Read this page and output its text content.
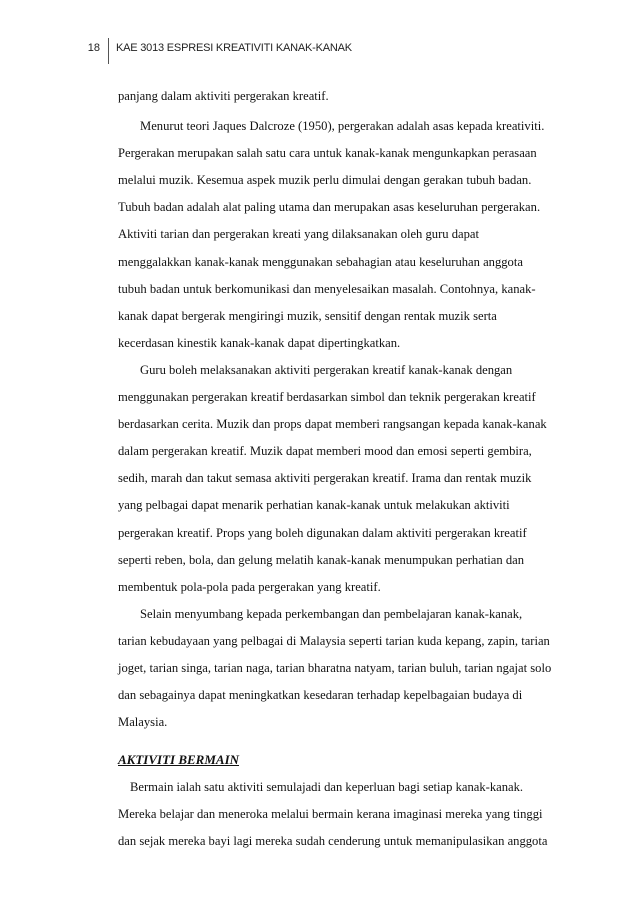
18 KAE 3013 ESPRESI KREATIVITI KANAK-KANAK

panjang dalam aktiviti pergerakan kreatif.

Menurut teori Jaques Dalcroze (1950), pergerakan adalah asas kepada kreativiti.
Pergerakan merupakan salah satu cara untuk kanak-kanak mengunkapkan perasaan
melalui muzik. Kesemua aspek muzik perlu dimulai dengan gerakan tubuh badan.
Tubuh badan adalah alat paling utama dan merupakan asas keseluruhan pergerakan.
Aktiviti tarian dan pergerakan kreati yang dilaksanakan oleh guru dapat
menggalakkan kanak-kanak menggunakan sebahagian atau keseluruhan anggota
tubuh badan untuk berkomunikasi dan menyelesaikan masalah. Contohnya, kanak-
kanak dapat bergerak mengiringi muzik, sensitif dengan rentak muzik serta
kecerdasan kinestik kanak-kanak dapat dipertingkatkan.

Guru boleh melaksanakan aktiviti pergerakan kreatif kanak-kanak dengan
menggunakan pergerakan kreatif berdasarkan simbol dan teknik pergerakan kreatif
berdasarkan cerita. Muzik dan props dapat memberi rangsangan kepada kanak-kanak
dalam pergerakan kreatif. Muzik dapat memberi mood dan emosi seperti gembira,
sedih, marah dan takut semasa aktiviti pergerakan kreatif. Irama dan rentak muzik
yang pelbagai dapat menarik perhatian kanak-kanak untuk melakukan aktiviti
pergerakan kreatif. Props yang boleh digunakan dalam aktiviti pergerakan kreatif
seperti reben, bola, dan gelung melatih kanak-kanak menumpukan perhatian dan
membentuk pola-pola pada pergerakan yang kreatif.

Selain menyumbang kepada perkembangan dan pembelajaran kanak-kanak,
tarian kebudayaan yang pelbagai di Malaysia seperti tarian kuda kepang, zapin, tarian
joget, tarian singa, tarian naga, tarian bharatna natyam, tarian buluh, tarian ngajat solo
dan sebagainya dapat meningkatkan kesedaran terhadap kepelbagaian budaya di
Malaysia.

AKTIVITI BERMAIN

Bermain ialah satu aktiviti semulajadi dan keperluan bagi setiap kanak-kanak.
Mereka belajar dan meneroka melalui bermain kerana imaginasi mereka yang tinggi
dan sejak mereka bayi lagi mereka sudah cenderung untuk memanipulasikan anggota
